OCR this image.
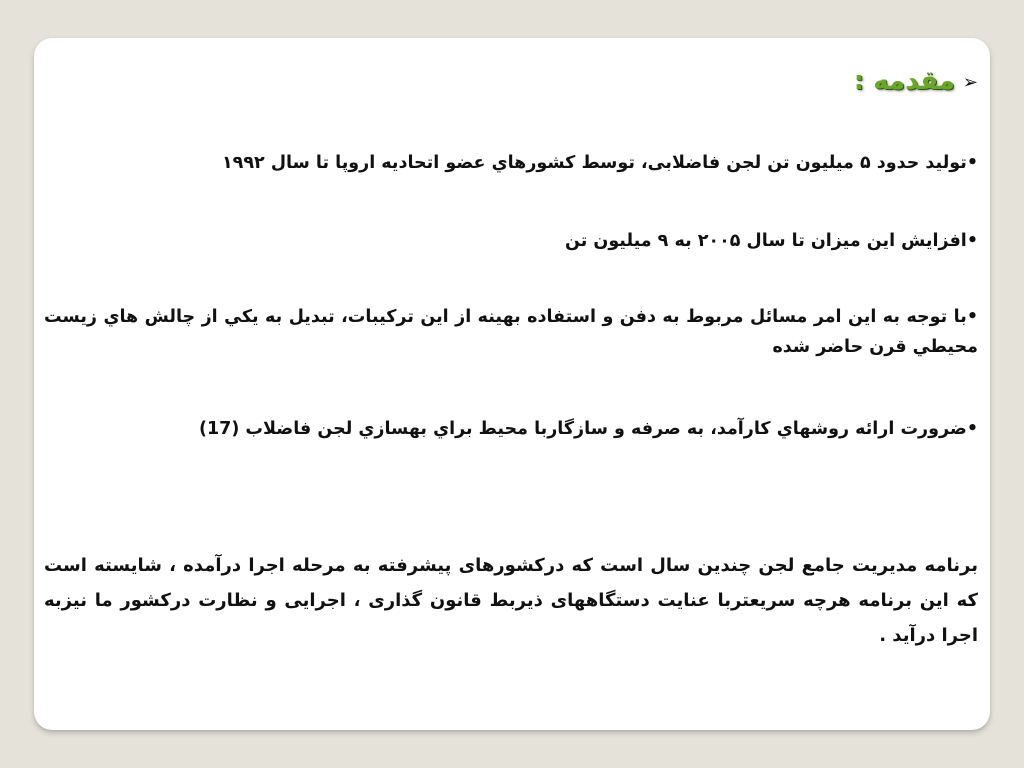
➢
مقدمه :
•توليد حدود ۵ ميليون تن لجن فاضلابی، توسط كشورهاي عضو اتحاديه اروپا تا سال ۱۹۹۲
•افزايش اين ميزان تا سال ۲۰۰۵ به ۹ ميليون تن
•با توجه به اين امر مسائل مربوط به دفن و استفاده بهينه از اين تركيبات، تبديل به يكي از چالش هاي زيست محيطي قرن حاضر شده
•ضرورت ارائه روشهاي كارآمد، به صرفه و سازگاربا محيط براي بهسازي لجن فاضلاب (17)
برنامه مدیریت جامع لجن چندین سال است که درکشورهای پیشرفته به مرحله اجرا درآمده ، شایسته است که این برنامه هرچه سریعتربا عنایت دستگاههای ذیربط قانون گذاری ، اجرایی و نظارت درکشور ما نیزبه اجرا درآید .
